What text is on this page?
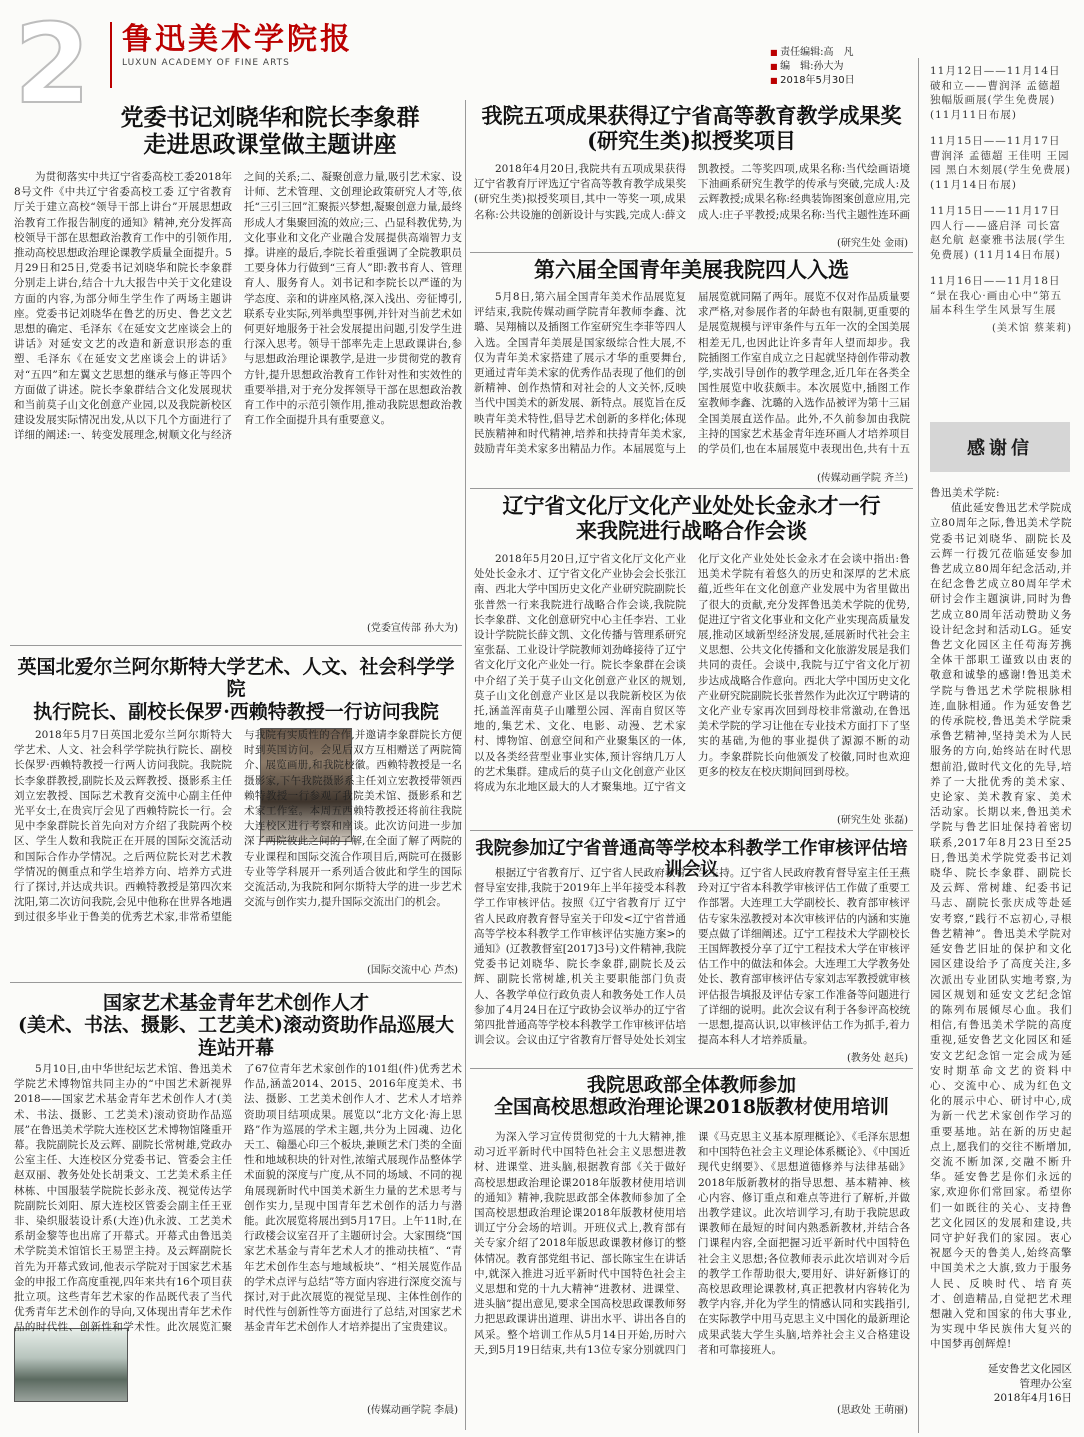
2 鲁迅美术学院报
LUXUN ACADEMY OF FINE ARTS
■ 责任编辑:高　凡
■ 编　辑:孙大为
■ 2018年5月30日
党委书记刘晓华和院长李象群
走进思政课堂做主题讲座

为贯彻落实中共辽宁省委高校工委2018年8号文件《中共辽宁省委高校工委 辽宁省教育厅关于建立高校“领导干部上讲台”开展思想政治教育工作报告制度的通知》精神,充分发挥高校领导干部在思想政治教育工作中的引领作用,推动高校思想政治理论课教学质量全面提升。5月29日和25日,党委书记刘晓华和院长李象群分别走上讲台,结合十九大报告中关于文化建设方面的内容,为部分师生学生作了两场主题讲座。党委书记刘晓华在鲁艺的历史、鲁艺文艺思想的确定、毛泽东《在延安文艺座谈会上的讲话》对延安文艺的改造和新意识形态的重塑、毛泽东《在延安文艺座谈会上的讲话》对“五四”和左翼文艺思想的继承与修正等四个方面做了讲述。院长李象群结合文化发展现状和当前莫子山文化创意产业园,以及我院新校区建设发展实际情况出发,从以下几个方面进行了详细的阐述:一、转变发展理念,树顺文化与经济之间的关系;二、凝聚创意力量,吸引艺术家、设计师、艺术管理、文创理论政策研究人才等,依托“三引三回”汇聚振兴梦想,凝聚创意力量,最终形成人才集聚回流的效应;三、凸显科教优势,为文化事业和文化产业融合发展提供高端智力支撑。讲座的最后,李院长着重强调了全院教职员工要身体力行做到“三育人”即:教书育人、管理育人、服务育人。刘书记和李院长以严谨的为学态度、亲和的讲座风格,深入浅出、旁征博引,联系专业实际,列举典型事例,并针对当前艺术如何更好地服务于社会发展提出问题,引发学生进行深入思考。领导干部率先走上思政课讲台,参与思想政治理论课教学,是进一步贯彻党的教育方针,提升思想政治教育工作针对性和实效性的重要举措,对于充分发挥领导干部在思想政治教育工作中的示范引领作用,推动我院思想政治教育工作全面提升具有重要意义。

(党委宣传部 孙大为)
英国北爱尔兰阿尔斯特大学艺术、人文、社会科学学院
执行院长、副校长保罗·西赖特教授一行访问我院

2018年5月7日英国北爱尔兰阿尔斯特大学艺术、人文、社会科学学院执行院长、副校长保罗·西赖特教授一行两人访问我院。我院院长李象群教授,副院长及云辉教授、摄影系主任刘立宏教授、国际艺术教育交流中心副主任仲光平女士,在贵宾厅会见了西赖特院长一行。会见中李象群院长首先向对方介绍了我院两个校区、学生人数和我院正在开展的国际交流活动和国际合作办学情况。之后两位院长对艺术教学情况的侧重点和学生培养方向、培养方式进行了探讨,并达成共识。西赖特教授是第四次来沈阳,第二次访问我院,会见中他称在世界各地遇到过很多毕业于鲁美的优秀艺术家,非常希望能与我院有实质性的合作,并邀请李象群院长方便时到英国访问。会见后双方互相赠送了两院简介、展览画册,和我院校徽。西赖特教授是一名摄影家,下午我院摄影系主任刘立宏教授带领西赖特教授一行参观了我院美术馆、摄影系和艺术家工作室。本周五西赖特教授还将前往我院大连校区进行考察和座谈。此次访问进一步加深了两院彼此之间的了解,在全面了解了两院的专业课程和国际交流合作项目后,两院可在摄影专业等学科展开一系列适合彼此和学生的国际交流活动,为我院和阿尔斯特大学的进一步艺术交流与创作实力,提升国际交流出门的机会。

(国际交流中心 芦杰)
国家艺术基金青年艺术创作人才
(美术、书法、摄影、工艺美术)滚动资助作品巡展大连站开幕

5月10日,由中华世纪坛艺术馆、鲁迅美术学院艺术博物馆共同主办的“中国艺术新视界2018——国家艺术基金青年艺术创作人才(美术、书法、摄影、工艺美术)滚动资助作品巡展”在鲁迅美术学院大连校区艺术博物馆隆重开幕。我院副院长及云辉、副院长常树雄,党政办公室主任、大连校区分党委书记、管委会主任赵双丽、教务处处长胡秉文、工艺美术系主任林栋、中国服装学院院长彭永茂、视觉传达学院副院长刘阳、原大连校区管委会副主任王亚非、染织服装设计系(大连)仇永波、工艺美术系胡金黎等也出席了开幕式。开幕式由鲁迅美术学院美术馆馆长王易罡主持。及云辉副院长首先为开幕式致词,他表示学院对于国家艺术基金的申报工作高度重视,四年来共有16个项目获批立项。这些青年艺术家的作品既代表了当代优秀青年艺术创作的导向,又体现出青年艺术作品的时代性、创新性和学术性。此次展览汇聚了67位青年艺术家创作的101组(件)优秀艺术作品,涵盖2014、2015、2016年度美术、书法、摄影、工艺美术创作人才、艺术人才培养资助项目结项成果。展览以“北方文化·海上思路”作为巡展的学术主题,共分为上园魂、边化天工、翰墨心印三个板块,兼顾艺术门类的全面性和地域积块的针对性,浓缩式展现作品整体学术面貌的深度与广度,从不同的场域、不同的视角展现新时代中国美术新生力量的艺术思考与创作实力,呈现中国青年艺术创作的活力与潜能。此次展览将展出到5月17日。上午11时,在行政楼会议室召开了主题研讨会。大家围绕“国家艺术基金与青年艺术人才的推动扶植”、“青年艺术创作生态与地域板块”、“相关展览作品的学术点评与总结”等方面内容进行深度交流与探讨,对于此次展览的视觉呈现、主体性创作的时代性与创新性等方面进行了总结,对国家艺术基金青年艺术创作人才培养提出了宝贵建议。

(传媒动画学院 李晨)
我院五项成果获得辽宁省高等教育教学成果奖
(研究生类)拟授奖项目

2018年4月20日,我院共有五项成果获得辽宁省教育厅评选辽宁省高等教育教学成果奖(研究生类)拟授奖项目,其中一等奖一项,成果名称:公共设施的创新设计与实践,完成人:薛文凯教授。二等奖四项,成果名称:当代绘画语境下油画系研究生教学的传承与突破,完成人:及云辉教授;成果名称:经典装饰图案创意应用,完成人:庄子平教授;成果名称:当代主题性连环画

(研究生处 金雨)
第六届全国青年美展我院四人入选

5月8日,第六届全国青年美术作品展览复评结束,我院传媒动画学院青年教师李鑫、沈璐、吴翔楠以及插图工作室研究生李菲等四人入选。全国青年美展是国家级综合性大展,不仅为青年美术家搭建了展示才华的重要舞台,更通过青年美术家的优秀作品表现了他们的创新精神、创作热情和对社会的人文关怀,反映当代中国美术的新发展、新特点。展览旨在反映青年美术特性,倡导艺术创新的多样化;体现民族精神和时代精神,培养和扶持青年美术家,鼓励青年美术家多出精品力作。本届展览与上届展览就同隔了两年。展览不仅对作品质量要求严格,对参展作者的年龄也有限制,更重要的是展览规模与评审条件与五年一次的全国美展相差无几,也因此让许多青年人望而却步。我院插图工作室自成立之日起就坚持创作带动教学,实战引导创作的教学理念,近几年在各类全国性展览中收获颇丰。本次展览中,插图工作室教师李鑫、沈璐的入选作品被评为第十三届全国美展直送作品。此外,不久前参加由我院主持的国家艺术基金青年连环画人才培养项目的学员们,也在本届展览中表现出色,共有十五

(传媒动画学院 齐兰)
辽宁省文化厅文化产业处处长金永才一行
来我院进行战略合作会谈

2018年5月20日,辽宁省文化厅文化产业处处长金永才、辽宁省文化产业协会会长张江南、西北大学中国历史文化产业研究院副院长张普然一行来我院进行战略合作会谈,我院院长李象群、文化创意研究中心主任李岩、工业设计学院院长薛文凯、文化传播与管理系研究室张磊、工业设计学院教师刘劲峰接待了辽宁省文化厅文化产业处一行。院长李象群在会谈中介绍了关于莫子山文化创意产业区的规划,莫子山文化创意产业区是以我院新校区为依托,涵盖浑南莫子山雕塑公园、浑南自贸区等地的,集艺术、文化、电影、动漫、艺术家村、博物馆、创意空间和产业聚集区的一体,以及各类经营型业事业实体,预计容纳几万人的艺术集群。建成后的莫子山文化创意产业区将成为东北地区最大的人才聚集地。辽宁省文化厅文化产业处处长金永才在会谈中指出:鲁迅美术学院有着悠久的历史和深厚的艺术底蕴,近些年在文化创意产业发展中为省里做出了很大的贡献,充分发挥鲁迅美术学院的优势,促进辽宁省文化事业和文化产业实现高质量发展,推动区域新型经济发展,延展新时代社会主义思想、公共文化传播和文化旅游发展是我们共同的责任。会谈中,我院与辽宁省文化厅初步达成战略合作意向。西北大学中国历史文化产业研究院副院长张普然作为此次辽宁聘请的文化产业专家再次回到母校非常激动,在鲁迅美术学院的学习让他在专业技术方面打下了坚实的基础,为他的事业提供了源源不断的动力。李象群院长向他颁发了校徽,同时也欢迎更多的校友在校庆期间回到母校。

(研究生处 张磊)
我院参加辽宁省普通高等学校本科教学工作审核评估培训会议

根据辽宁省教育厅、辽宁省人民政府教育督导室安排,我院于2019年上半年接受本科教学工作审核评估。按照《辽宁省教育厅 辽宁省人民政府教育督导室关于印发<辽宁省普通高等学校本科教学工作审核评估实施方案>的通知》(辽教教督室[2017]3号)文件精神,我院党委书记刘晓华、院长李象群,副院长及云辉、副院长常树雄,机关主要职能部门负责人、各教学单位行政负责人和教务处工作人员参加了4月24日在辽宁政协会议举办的辽宁省第四批普通高等学校本科教学工作审核评估培训会议。会议由辽宁省教育厅督导处处长刘宝生主持。辽宁省人民政府教育督导室主任王燕玲对辽宁省本科教学审核评估工作做了重要工作部署。大连理工大学副校长、教育部审核评估专家朱泓教授对本次审核评估的内涵和实施要点做了详细阐述。辽宁工程技术大学副校长王国辉教授分享了辽宁工程技术大学在审核评估工作中的做法和体会。大连理工大学教务处处长、教育部审核评估专家刘志军教授就审核评估报告填报及评估专家工作准备等问题进行了详细的说明。此次会议有利于各参评高校统一思想,提高认识,以审核评估工作为抓手,着力提高本科人才培养质量。

(教务处 赵兵)
我院思政部全体教师参加
全国高校思想政治理论课2018版教材使用培训

为深入学习宣传贯彻党的十九大精神,推动习近平新时代中国特色社会主义思想进教材、进课堂、进头脑,根据教育部《关于做好高校思想政治理论课2018年版教材使用培训的通知》精神,我院思政部全体教师参加了全国高校思想政治理论课2018年版教材使用培训辽宁分会场的培训。开班仪式上,教育部有关专家介绍了2018年版思政课教材修订的整体情况。教育部党组书记、部长陈宝生在讲话中,就深入推进习近平新时代中国特色社会主义思想和党的十九大精神“进教材、进课堂、进头脑”提出意见,要求全国高校思政课教师努力把思政课讲出道理、讲出水平、讲出各自的风采。整个培训工作从5月14日开始,历时六天,到5月19日结束,共有13位专家分别就四门课《马克思主义基本原理概论》、《毛泽东思想和中国特色社会主义理论体系概论》、《中国近现代史纲要》、《思想道德修养与法律基础》2018年版新教材的指导思想、基本精神、核心内容、修订重点和难点等进行了解析,并做出教学建议。此次培训学习,有助于我院思政课教师在最短的时间内熟悉新教材,并结合各门课程内容,全面把握习近平新时代中国特色社会主义思想;各位教师表示此次培训对今后的教学工作帮助很大,要用好、讲好新修订的高校思政理论课教材,真正把教材内容转化为教学内容,并化为学生的情感认同和实践指引,在实际教学中用马克思主义中国化的最新理论成果武装大学生头脑,培养社会主义合格建设者和可靠接班人。

(思政处 王萌丽)

11月12日——11月14日 破和立——曹润泽 孟德超独幅版画展(学生免费展) (11月11日布展)

11月15日——11月17日 曹润泽 孟德超 王佳明 王园园 黑白木刻展(学生免费展) (11月14日布展)

11月15日——11月17日 四人行——盛启泽 司长富 赵允航 赵豪雅书法展(学生免费展) (11月14日布展)

11月16日——11月18日 “景在我心·画由心中”第五届本科生学生风景写生展

(美术馆 蔡莱莉)
感谢信
鲁迅美术学院:

值此延安鲁迅艺术学院成立80周年之际,鲁迅美术学院党委书记刘晓华、副院长及云辉一行拨冗莅临延安参加鲁艺成立80周年纪念活动,并在纪念鲁艺成立80周年学术研讨会作主题演讲,同时为鲁艺成立80周年活动赞助义务设计纪念封和活动LG。延安鲁艺文化园区主任苟海芳携全体干部职工谨致以由衷的敬意和诚挚的感谢!鲁迅美术学院与鲁迅艺术学院根脉相连,血脉相通。作为延安鲁艺的传承院校,鲁迅美术学院秉承鲁艺精神,坚持美术为人民服务的方向,始终站在时代思想前沿,做时代文化的先导,培养了一大批优秀的美术家、史论家、美术教育家、美术活动家。长期以来,鲁迅美术学院与鲁艺旧址保持着密切联系,2017年8月23日至25日,鲁迅美术学院党委书记刘晓华、院长李象群、副院长及云辉、常树雄、纪委书记马志、副院长张庆成等赴延安考察,“践行不忘初心,寻根鲁艺精神”。鲁迅美术学院对延安鲁艺旧址的保护和文化园区建设给予了高度关注,多次派出专业团队实地考察,为园区规划和延安文艺纪念馆的陈列布展倾尽心血。我们相信,有鲁迅美术学院的高度重视,延安鲁艺文化园区和延安文艺纪念馆一定会成为延安时期革命文艺的资料中心、交流中心、成为红色文化的展示中心、研讨中心,成为新一代艺术家创作学习的重要基地。站在新的历史起点上,愿我们的交往不断增加,交流不断加深,交融不断升华。延安鲁艺是你们永远的家,欢迎你们常回家。希望你们一如既往的关心、支持鲁艺文化园区的发展和建设,共同守护好我们的家园。衷心祝愿今天的鲁美人,始终高擎中国美术之大旗,致力于服务人民、反映时代、培育英才、创造精品,自觉把艺术理想融入党和国家的伟大事业,为实现中华民族伟大复兴的中国梦再创辉煌!

延安鲁艺文化园区
管理办公室
2018年4月16日
